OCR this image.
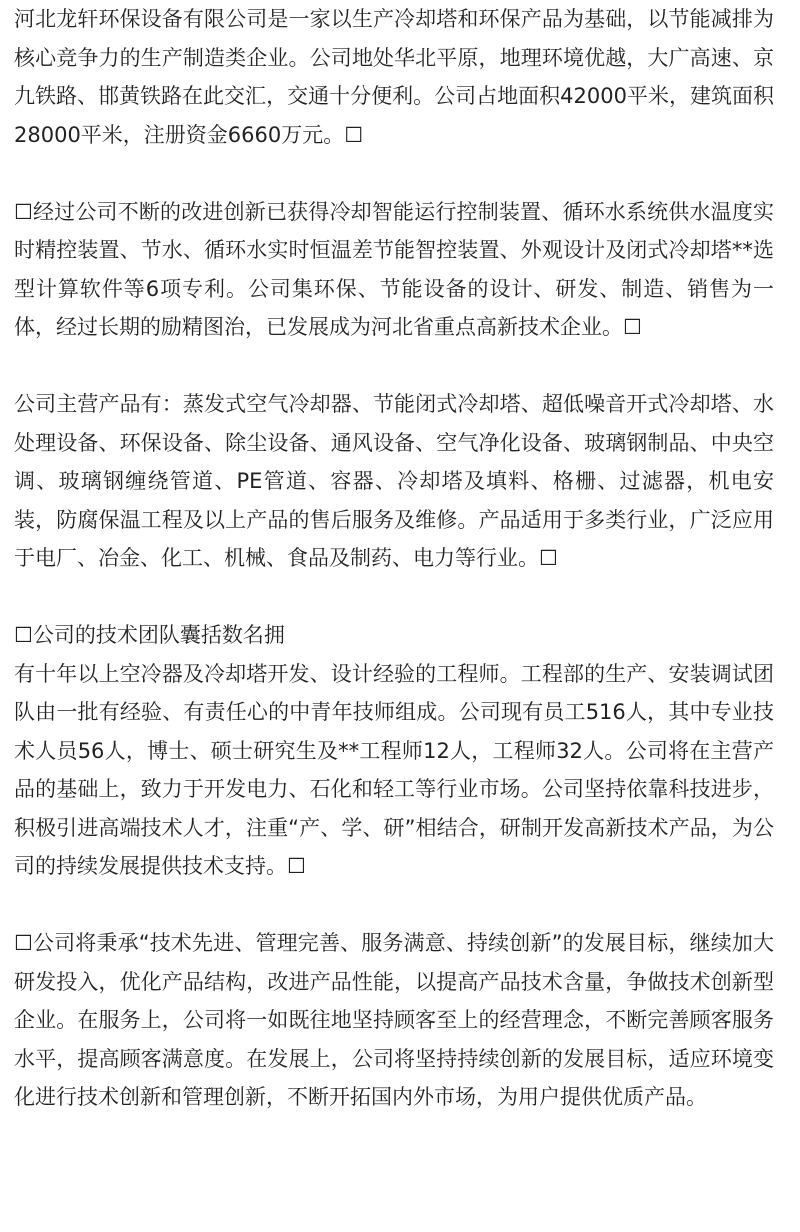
河北龙轩环保设备有限公司是一家以生产冷却塔和环保产品为基础，以节能减排为核心竞争力的生产制造类企业。公司地处华北平原，地理环境优越，大广高速、京九铁路、邯黄铁路在此交汇，交通十分便利。公司占地面积42000平米，建筑面积28000平米，注册资金6660万元。☐

☐经过公司不断的改进创新已获得冷却智能运行控制装置、循环水系统供水温度实时精控装置、节水、循环水实时恒温差节能智控装置、外观设计及闭式冷却塔**选型计算软件等6项专利。公司集环保、节能设备的设计、研发、制造、销售为一体，经过长期的励精图治，已发展成为河北省重点高新技术企业。☐

公司主营产品有：蒸发式空气冷却器、节能闭式冷却塔、超低噪音开式冷却塔、水处理设备、环保设备、除尘设备、通风设备、空气净化设备、玻璃钢制品、中央空调、玻璃钢缠绕管道、PE管道、容器、冷却塔及填料、格栅、过滤器，机电安装，防腐保温工程及以上产品的售后服务及维修。产品适用于多类行业，广泛应用于电厂、冶金、化工、机械、食品及制药、电力等行业。☐

☐公司的技术团队囊括数名拥
有十年以上空冷器及冷却塔开发、设计经验的工程师。工程部的生产、安装调试团队由一批有经验、有责任心的中青年技师组成。公司现有员工516人，其中专业技术人员56人，博士、硕士研究生及**工程师12人，工程师32人。公司将在主营产品的基础上，致力于开发电力、石化和轻工等行业市场。公司坚持依靠科技进步，积极引进高端技术人才，注重“产、学、研”相结合，研制开发高新技术产品，为公司的持续发展提供技术支持。☐

☐公司将秉承“技术先进、管理完善、服务满意、持续创新”的发展目标，继续加大研发投入，优化产品结构，改进产品性能，以提高产品技术含量，争做技术创新型企业。在服务上，公司将一如既往地坚持顾客至上的经营理念，不断完善顾客服务水平，提高顾客满意度。在发展上，公司将坚持持续创新的发展目标，适应环境变化进行技术创新和管理创新，不断开拓国内外市场，为用户提供优质产品。
